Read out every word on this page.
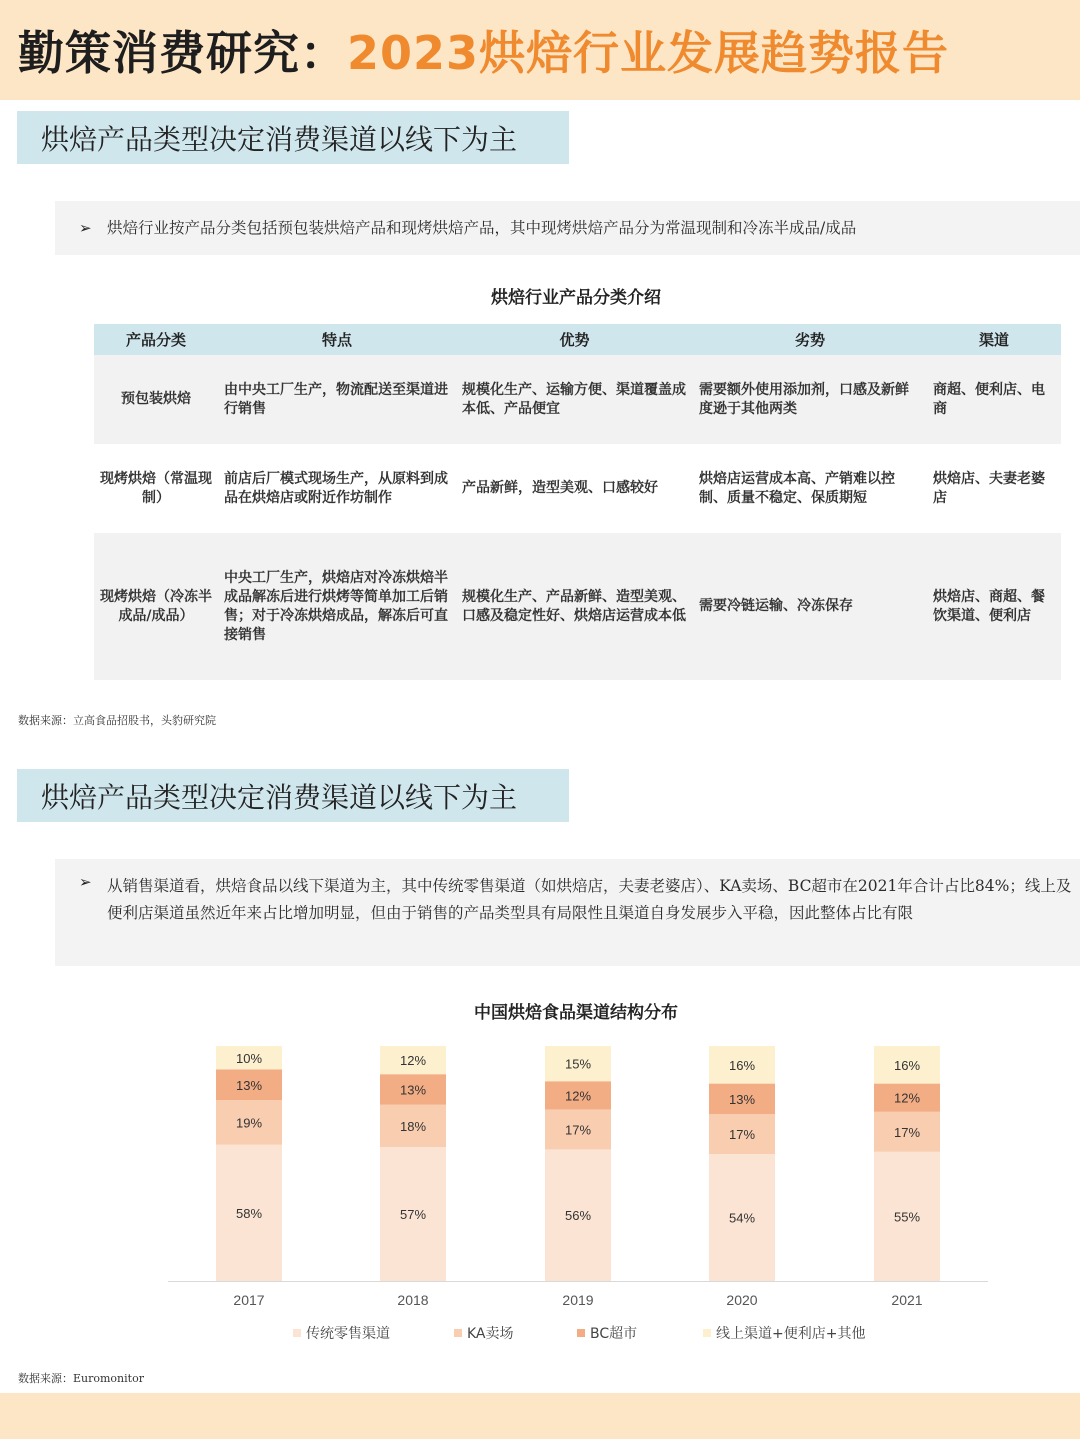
勤策消费研究： 2023烘焙行业发展趋势报告
烘焙产品类型决定消费渠道以线下为主
➢ 烘焙行业按产品分类包括预包装烘焙产品和现烤烘焙产品，其中现烤烘焙产品分为常温现制和冷冻半成品/成品
烘焙行业产品分类介绍
产品分类	特点	优势	劣势	渠道
预包装烘焙	由中央工厂生产，物流配送至渠道进行销售	规模化生产、运输方便、渠道覆盖成本低、产品便宜	需要额外使用添加剂，口感及新鲜度逊于其他两类	商超、便利店、电商
现烤烘焙（常温现制）	前店后厂模式现场生产，从原料到成品在烘焙店或附近作坊制作	产品新鲜，造型美观、口感较好	烘焙店运营成本高、产销难以控制、质量不稳定、保质期短	烘焙店、夫妻老婆店
现烤烘焙（冷冻半成品/成品）	中央工厂生产，烘焙店对冷冻烘焙半成品解冻后进行烘烤等简单加工后销售；对于冷冻烘焙成品，解冻后可直接销售	规模化生产、产品新鲜、造型美观、口感及稳定性好、烘焙店运营成本低	需要冷链运输、冷冻保存	烘焙店、商超、餐饮渠道、便利店
数据来源：立高食品招股书，头豹研究院
烘焙产品类型决定消费渠道以线下为主
➢ 从销售渠道看，烘焙食品以线下渠道为主，其中传统零售渠道（如烘焙店，夫妻老婆店）、KA卖场、BC超市在2021年合计占比84%；线上及便利店渠道虽然近年来占比增加明显，但由于销售的产品类型具有局限性且渠道自身发展步入平稳，因此整体占比有限
中国烘焙食品渠道结构分布
58%
19%
13%
10%
2017
57%
18%
13%
12%
2018
56%
17%
12%
15%
2019
54%
17%
13%
16%
2020
55%
17%
12%
16%
2021
传统零售渠道	KA卖场	BC超市	线上渠道+便利店+其他
数据来源：Euromonitor
